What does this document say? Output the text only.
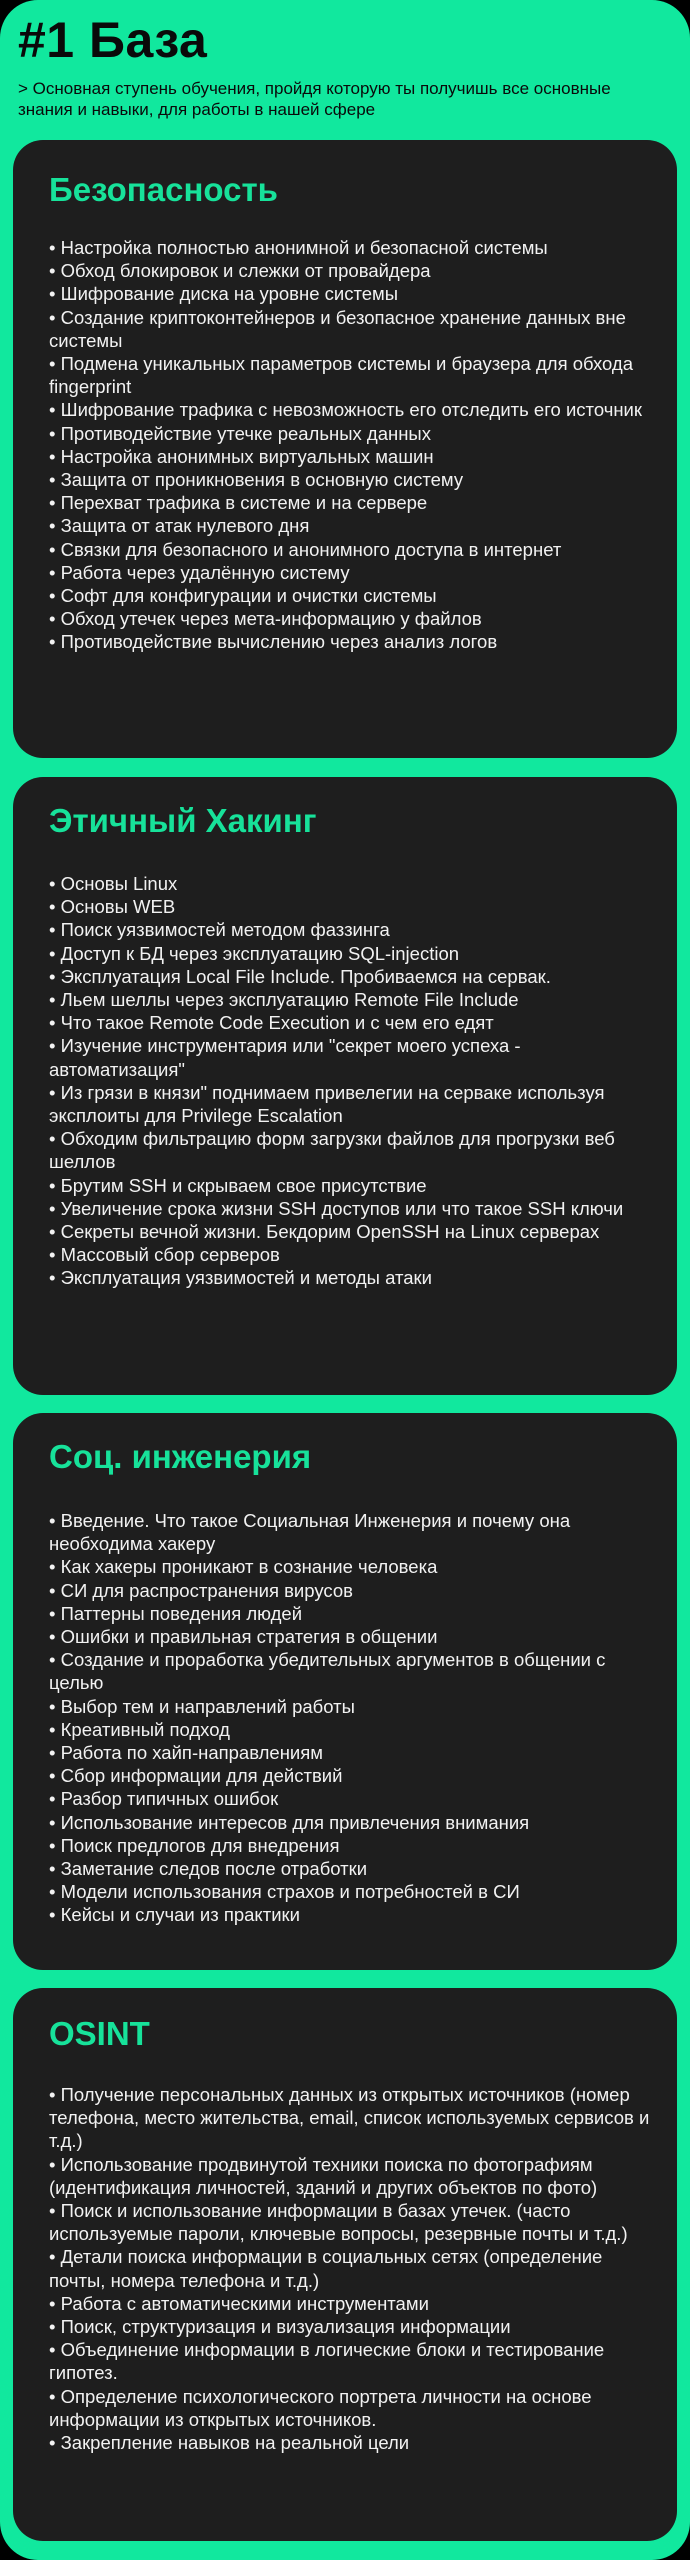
#1 База

> Основная ступень обучения, пройдя которую ты получишь все основные знания и навыки, для работы в нашей сфере

Безопасность
• Настройка полностью анонимной и безопасной системы
• Обход блокировок и слежки от провайдера
• Шифрование диска на уровне системы
• Создание криптоконтейнеров и безопасное хранение данных вне системы
• Подмена уникальных параметров системы и браузера для обхода fingerprint
• Шифрование трафика с невозможность его отследить его источник
• Противодействие утечке реальных данных
• Настройка анонимных виртуальных машин
• Защита от проникновения в основную систему
• Перехват трафика в системе и на сервере
• Защита от атак нулевого дня
• Связки для безопасного и анонимного доступа в интернет
• Работа через удалённую систему
• Софт для конфигурации и очистки системы
• Обход утечек через мета-информацию у файлов
• Противодействие вычислению через анализ логов
Этичный Хакинг
• Основы Linux
• Основы WEB
• Поиск уязвимостей методом фаззинга
• Доступ к БД через эксплуатацию SQL-injection
• Эксплуатация Local File Include. Пробиваемся на сервак.
• Льем шеллы через эксплуатацию Remote File Include
• Что такое Remote Code Execution и с чем его едят
• Изучение инструментария или "секрет моего успеха - автоматизация"
• Из грязи в князи" поднимаем привелегии на серваке используя эксплоиты для Privilege Escalation
• Обходим фильтрацию форм загрузки файлов для прогрузки веб шеллов
• Брутим SSH и скрываем свое присутствие
• Увеличение срока жизни SSH доступов или что такое SSH ключи
• Секреты вечной жизни. Бекдорим OpenSSH на Linux серверах
• Массовый сбор серверов
• Эксплуатация уязвимостей и методы атаки
Соц. инженерия
• Введение. Что такое Социальная Инженерия и почему она необходима хакеру
• Как хакеры проникают в сознание человека
• СИ для распространения вирусов
• Паттерны поведения людей
• Ошибки и правильная стратегия в общении
• Создание и проработка убедительных аргументов в общении с целью
• Выбор тем и направлений работы
• Креативный подход
• Работа по хайп-направлениям
• Сбор информации для действий
• Разбор типичных ошибок
• Использование интересов для привлечения внимания
• Поиск предлогов для внедрения
• Заметание следов после отработки
• Модели использования страхов и потребностей в СИ
• Кейсы и случаи из практики
OSINT
• Получение персональных данных из открытых источников (номер телефона, место жительства, email, список используемых сервисов и т.д.)
• Использование продвинутой техники поиска по фотографиям (идентификация личностей, зданий и других объектов по фото)
• Поиск и использование информации в базах утечек. (часто используемые пароли, ключевые вопросы, резервные почты и т.д.)
• Детали поиска информации в социальных сетях (определение почты, номера телефона и т.д.)
• Работа с автоматическими инструментами
• Поиск, структуризация и визуализация информации
• Объединение информации в логические блоки и тестирование гипотез.
• Определение психологического портрета личности на основе информации из открытых источников.
• Закрепление навыков на реальной цели
